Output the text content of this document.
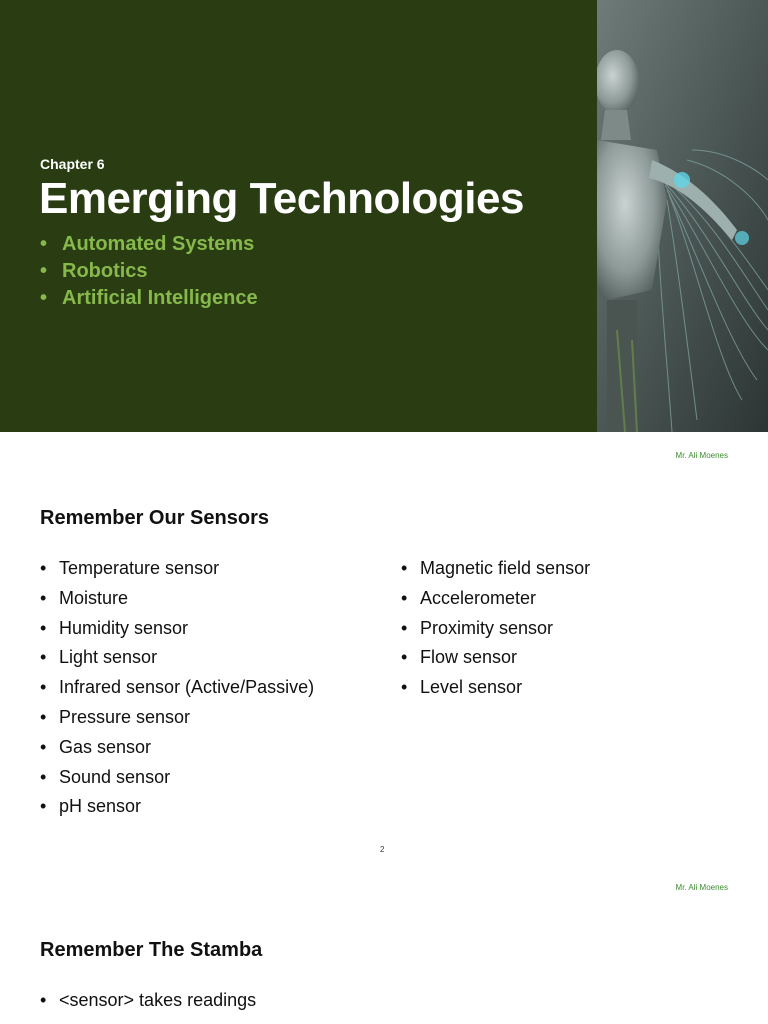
Chapter 6
Emerging Technologies
• Automated Systems
• Robotics
• Artificial Intelligence
Mr. Ali Moenes
Remember Our Sensors
• Temperature sensor
• Moisture
• Humidity sensor
• Light sensor
• Infrared sensor (Active/Passive)
• Pressure sensor
• Gas sensor
• Sound sensor
• pH sensor
• Magnetic field sensor
• Accelerometer
• Proximity sensor
• Flow sensor
• Level sensor
2
Mr. Ali Moenes
Remember The Stamba
• <sensor> takes readings
